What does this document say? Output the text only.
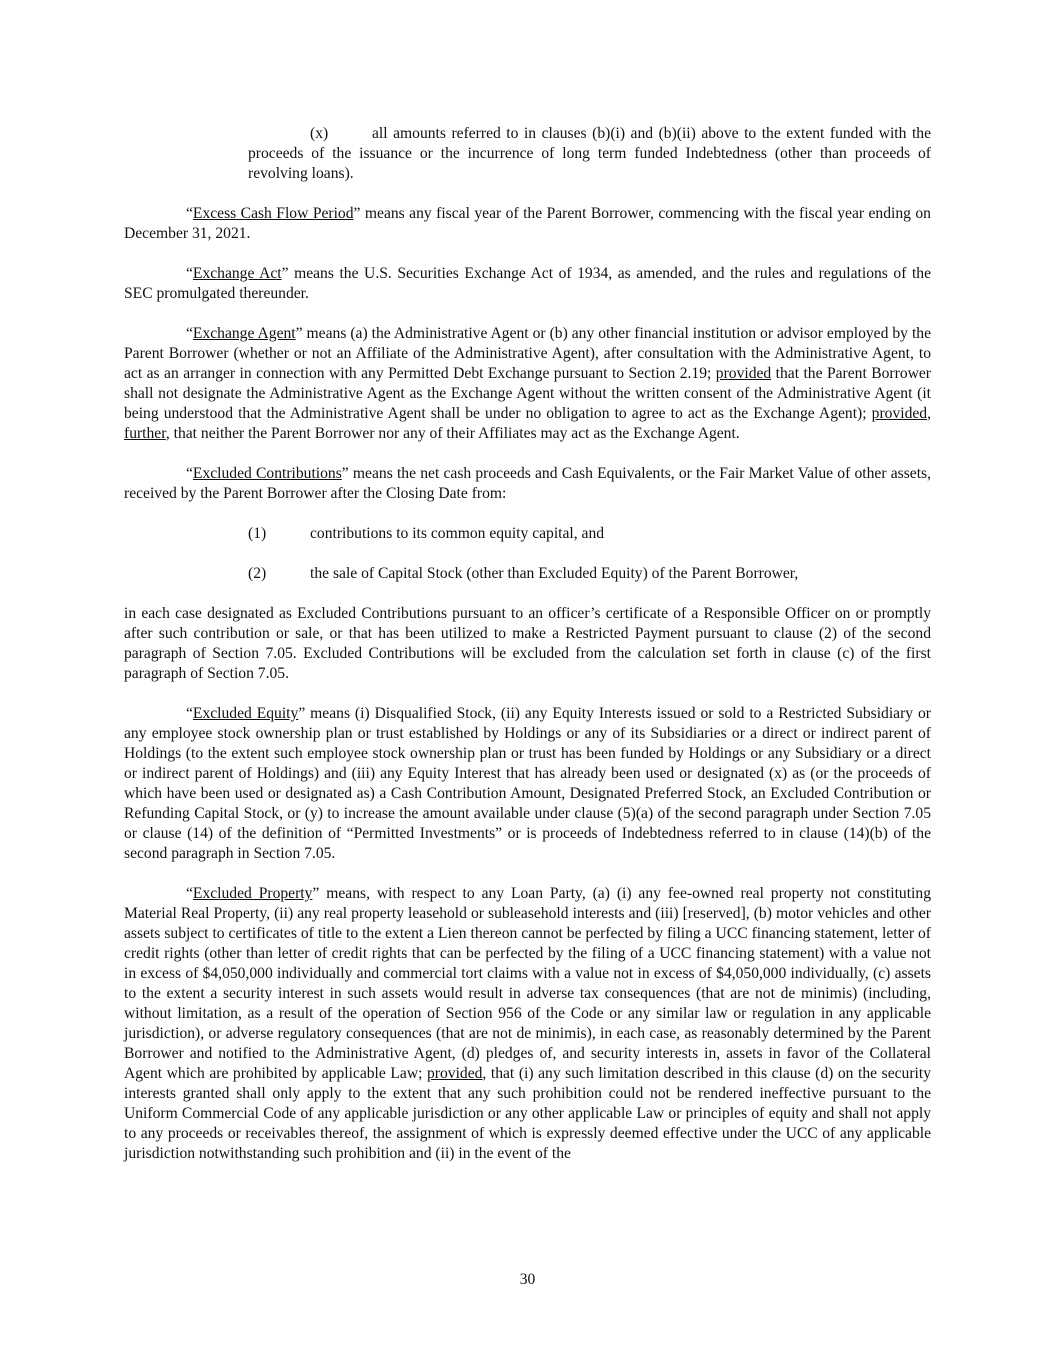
(x)	all amounts referred to in clauses (b)(i) and (b)(ii) above to the extent funded with the proceeds of the issuance or the incurrence of long term funded Indebtedness (other than proceeds of revolving loans).

“Excess Cash Flow Period” means any fiscal year of the Parent Borrower, commencing with the fiscal year ending on December 31, 2021.

“Exchange Act” means the U.S. Securities Exchange Act of 1934, as amended, and the rules and regulations of the SEC promulgated thereunder.

“Exchange Agent” means (a) the Administrative Agent or (b) any other financial institution or advisor employed by the Parent Borrower (whether or not an Affiliate of the Administrative Agent), after consultation with the Administrative Agent, to act as an arranger in connection with any Permitted Debt Exchange pursuant to Section 2.19; provided that the Parent Borrower shall not designate the Administrative Agent as the Exchange Agent without the written consent of the Administrative Agent (it being understood that the Administrative Agent shall be under no obligation to agree to act as the Exchange Agent); provided, further, that neither the Parent Borrower nor any of their Affiliates may act as the Exchange Agent.

“Excluded Contributions” means the net cash proceeds and Cash Equivalents, or the Fair Market Value of other assets, received by the Parent Borrower after the Closing Date from:

(1)	contributions to its common equity capital, and

(2)	the sale of Capital Stock (other than Excluded Equity) of the Parent Borrower,

in each case designated as Excluded Contributions pursuant to an officer’s certificate of a Responsible Officer on or promptly after such contribution or sale, or that has been utilized to make a Restricted Payment pursuant to clause (2) of the second paragraph of Section 7.05. Excluded Contributions will be excluded from the calculation set forth in clause (c) of the first paragraph of Section 7.05.

“Excluded Equity” means (i) Disqualified Stock, (ii) any Equity Interests issued or sold to a Restricted Subsidiary or any employee stock ownership plan or trust established by Holdings or any of its Subsidiaries or a direct or indirect parent of Holdings (to the extent such employee stock ownership plan or trust has been funded by Holdings or any Subsidiary or a direct or indirect parent of Holdings) and (iii) any Equity Interest that has already been used or designated (x) as (or the proceeds of which have been used or designated as) a Cash Contribution Amount, Designated Preferred Stock, an Excluded Contribution or Refunding Capital Stock, or (y) to increase the amount available under clause (5)(a) of the second paragraph under Section 7.05 or clause (14) of the definition of “Permitted Investments” or is proceeds of Indebtedness referred to in clause (14)(b) of the second paragraph in Section 7.05.

“Excluded Property” means, with respect to any Loan Party, (a) (i) any fee-owned real property not constituting Material Real Property, (ii) any real property leasehold or subleasehold interests and (iii) [reserved], (b) motor vehicles and other assets subject to certificates of title to the extent a Lien thereon cannot be perfected by filing a UCC financing statement, letter of credit rights (other than letter of credit rights that can be perfected by the filing of a UCC financing statement) with a value not in excess of $4,050,000 individually and commercial tort claims with a value not in excess of $4,050,000 individually, (c) assets to the extent a security interest in such assets would result in adverse tax consequences (that are not de minimis) (including, without limitation, as a result of the operation of Section 956 of the Code or any similar law or regulation in any applicable jurisdiction), or adverse regulatory consequences (that are not de minimis), in each case, as reasonably determined by the Parent Borrower and notified to the Administrative Agent, (d) pledges of, and security interests in, assets in favor of the Collateral Agent which are prohibited by applicable Law; provided, that (i) any such limitation described in this clause (d) on the security interests granted shall only apply to the extent that any such prohibition could not be rendered ineffective pursuant to the Uniform Commercial Code of any applicable jurisdiction or any other applicable Law or principles of equity and shall not apply to any proceeds or receivables thereof, the assignment of which is expressly deemed effective under the UCC of any applicable jurisdiction notwithstanding such prohibition and (ii) in the event of the

30
